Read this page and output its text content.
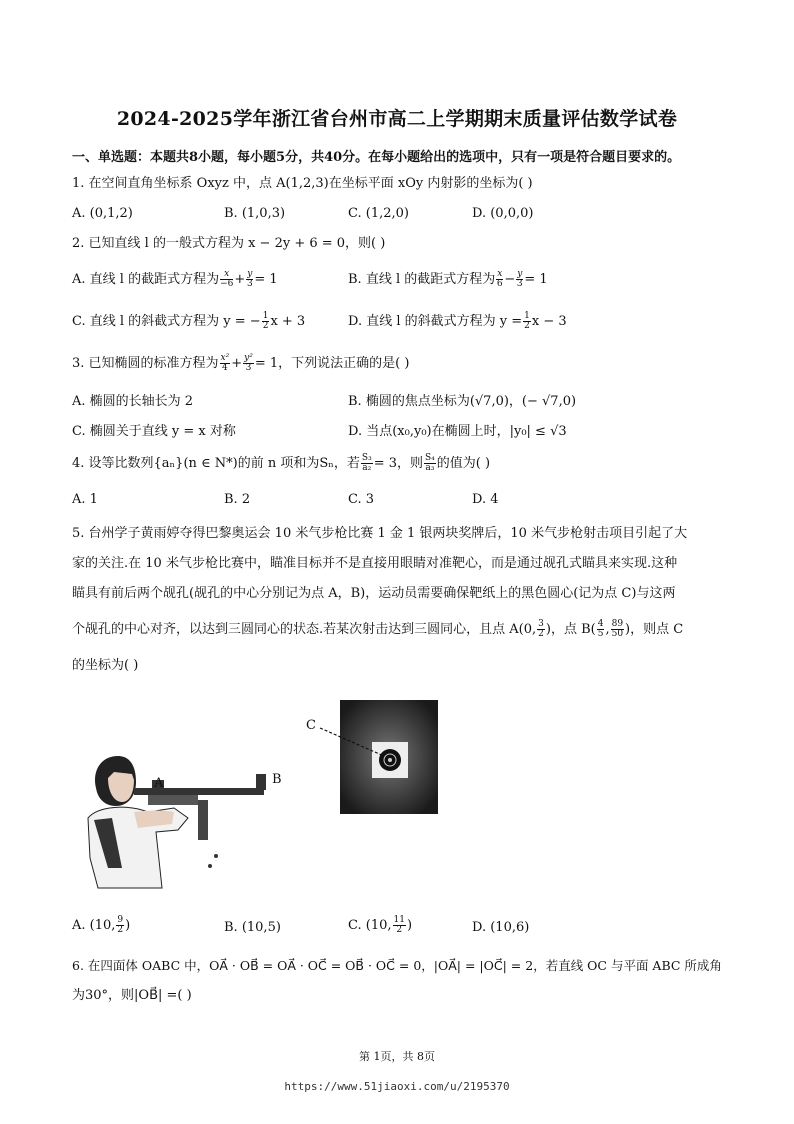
2024-2025学年浙江省台州市高二上学期期末质量评估数学试卷
一、单选题：本题共8小题，每小题5分，共40分。在每小题给出的选项中，只有一项是符合题目要求的。
1. 在空间直角坐标系 Oxyz 中，点 A(1,2,3)在坐标平面 xOy 内射影的坐标为( )
A. (0,1,2)	B. (1,0,3)	C. (1,2,0)	D. (0,0,0)
2. 已知直线 l 的一般式方程为 x − 2y + 6 = 0，则( )
A. 直线 l 的截距式方程为 $\frac{x}{-6} + \frac{y}{3} = 1$	B. 直线 l 的截距式方程为 $\frac{x}{6} - \frac{y}{3} = 1$
C. 直线 l 的斜截式方程为 y = − $\frac{1}{2}$ x + 3	D. 直线 l 的斜截式方程为 $y = \frac{1}{2}$ x − 3
3. 已知椭圆的标准方程为 $\frac{\text{x²}}{4} + \frac{\text{y²}}{3} = 1$，下列说法正确的是( )
A. 椭圆的长轴长为 2	B. 椭圆的焦点坐标为(√7,0)，(− √7,0)
C. 椭圆关于直线 y = x 对称	D. 当点(x₀,y₀)在椭圆上时，|y₀| ≤ √3
4. 设等比数列{aₙ}(n ∈ N*)的前 n 项和为Sₙ，若 $\frac{\text{S₃}}{\text{a₂}} = 3$，则 $\frac{\text{S₄}}{\text{a₃}}$ 的值为( )
A. 1	B. 2	C. 3	D. 4
5. 台州学子黄雨婷夺得巴黎奥运会 10 米气步枪比赛 1 金 1 银两块奖牌后，10 米气步枪射击项目引起了大
家的关注.在 10 米气步枪比赛中，瞄准目标并不是直接用眼睛对准靶心，而是通过觇孔式瞄具来实现.这种
瞄具有前后两个觇孔(觇孔的中心分别记为点 A，B)，运动员需要确保靶纸上的黑色圆心(记为点 C)与这两
个觇孔的中心对齐，以达到三圆同心的状态.若某次射击达到三圆同心，且点 A(0, $\frac{3}{2}$ )，点 $B( \frac{4}{5}$ , $\frac{89}{50}$ )，则点 C
的坐标为( )
C
A	B
A. (10, $\frac{9}{2}$ )	B. (10,5)	C. (10, $\frac{11}{2}$ )	D. (10,6)
6. 在四面体 OABC 中，OA⃗ · OB⃗ = OA⃗ · OC⃗ = OB⃗ · OC⃗ = 0，|OA⃗| = |OC⃗| = 2，若直线 OC 与平面 ABC 所成角
为30°，则|OB⃗| =( )
第 1页，共 8页
https://www.51jiaoxi.com/u/2195370
